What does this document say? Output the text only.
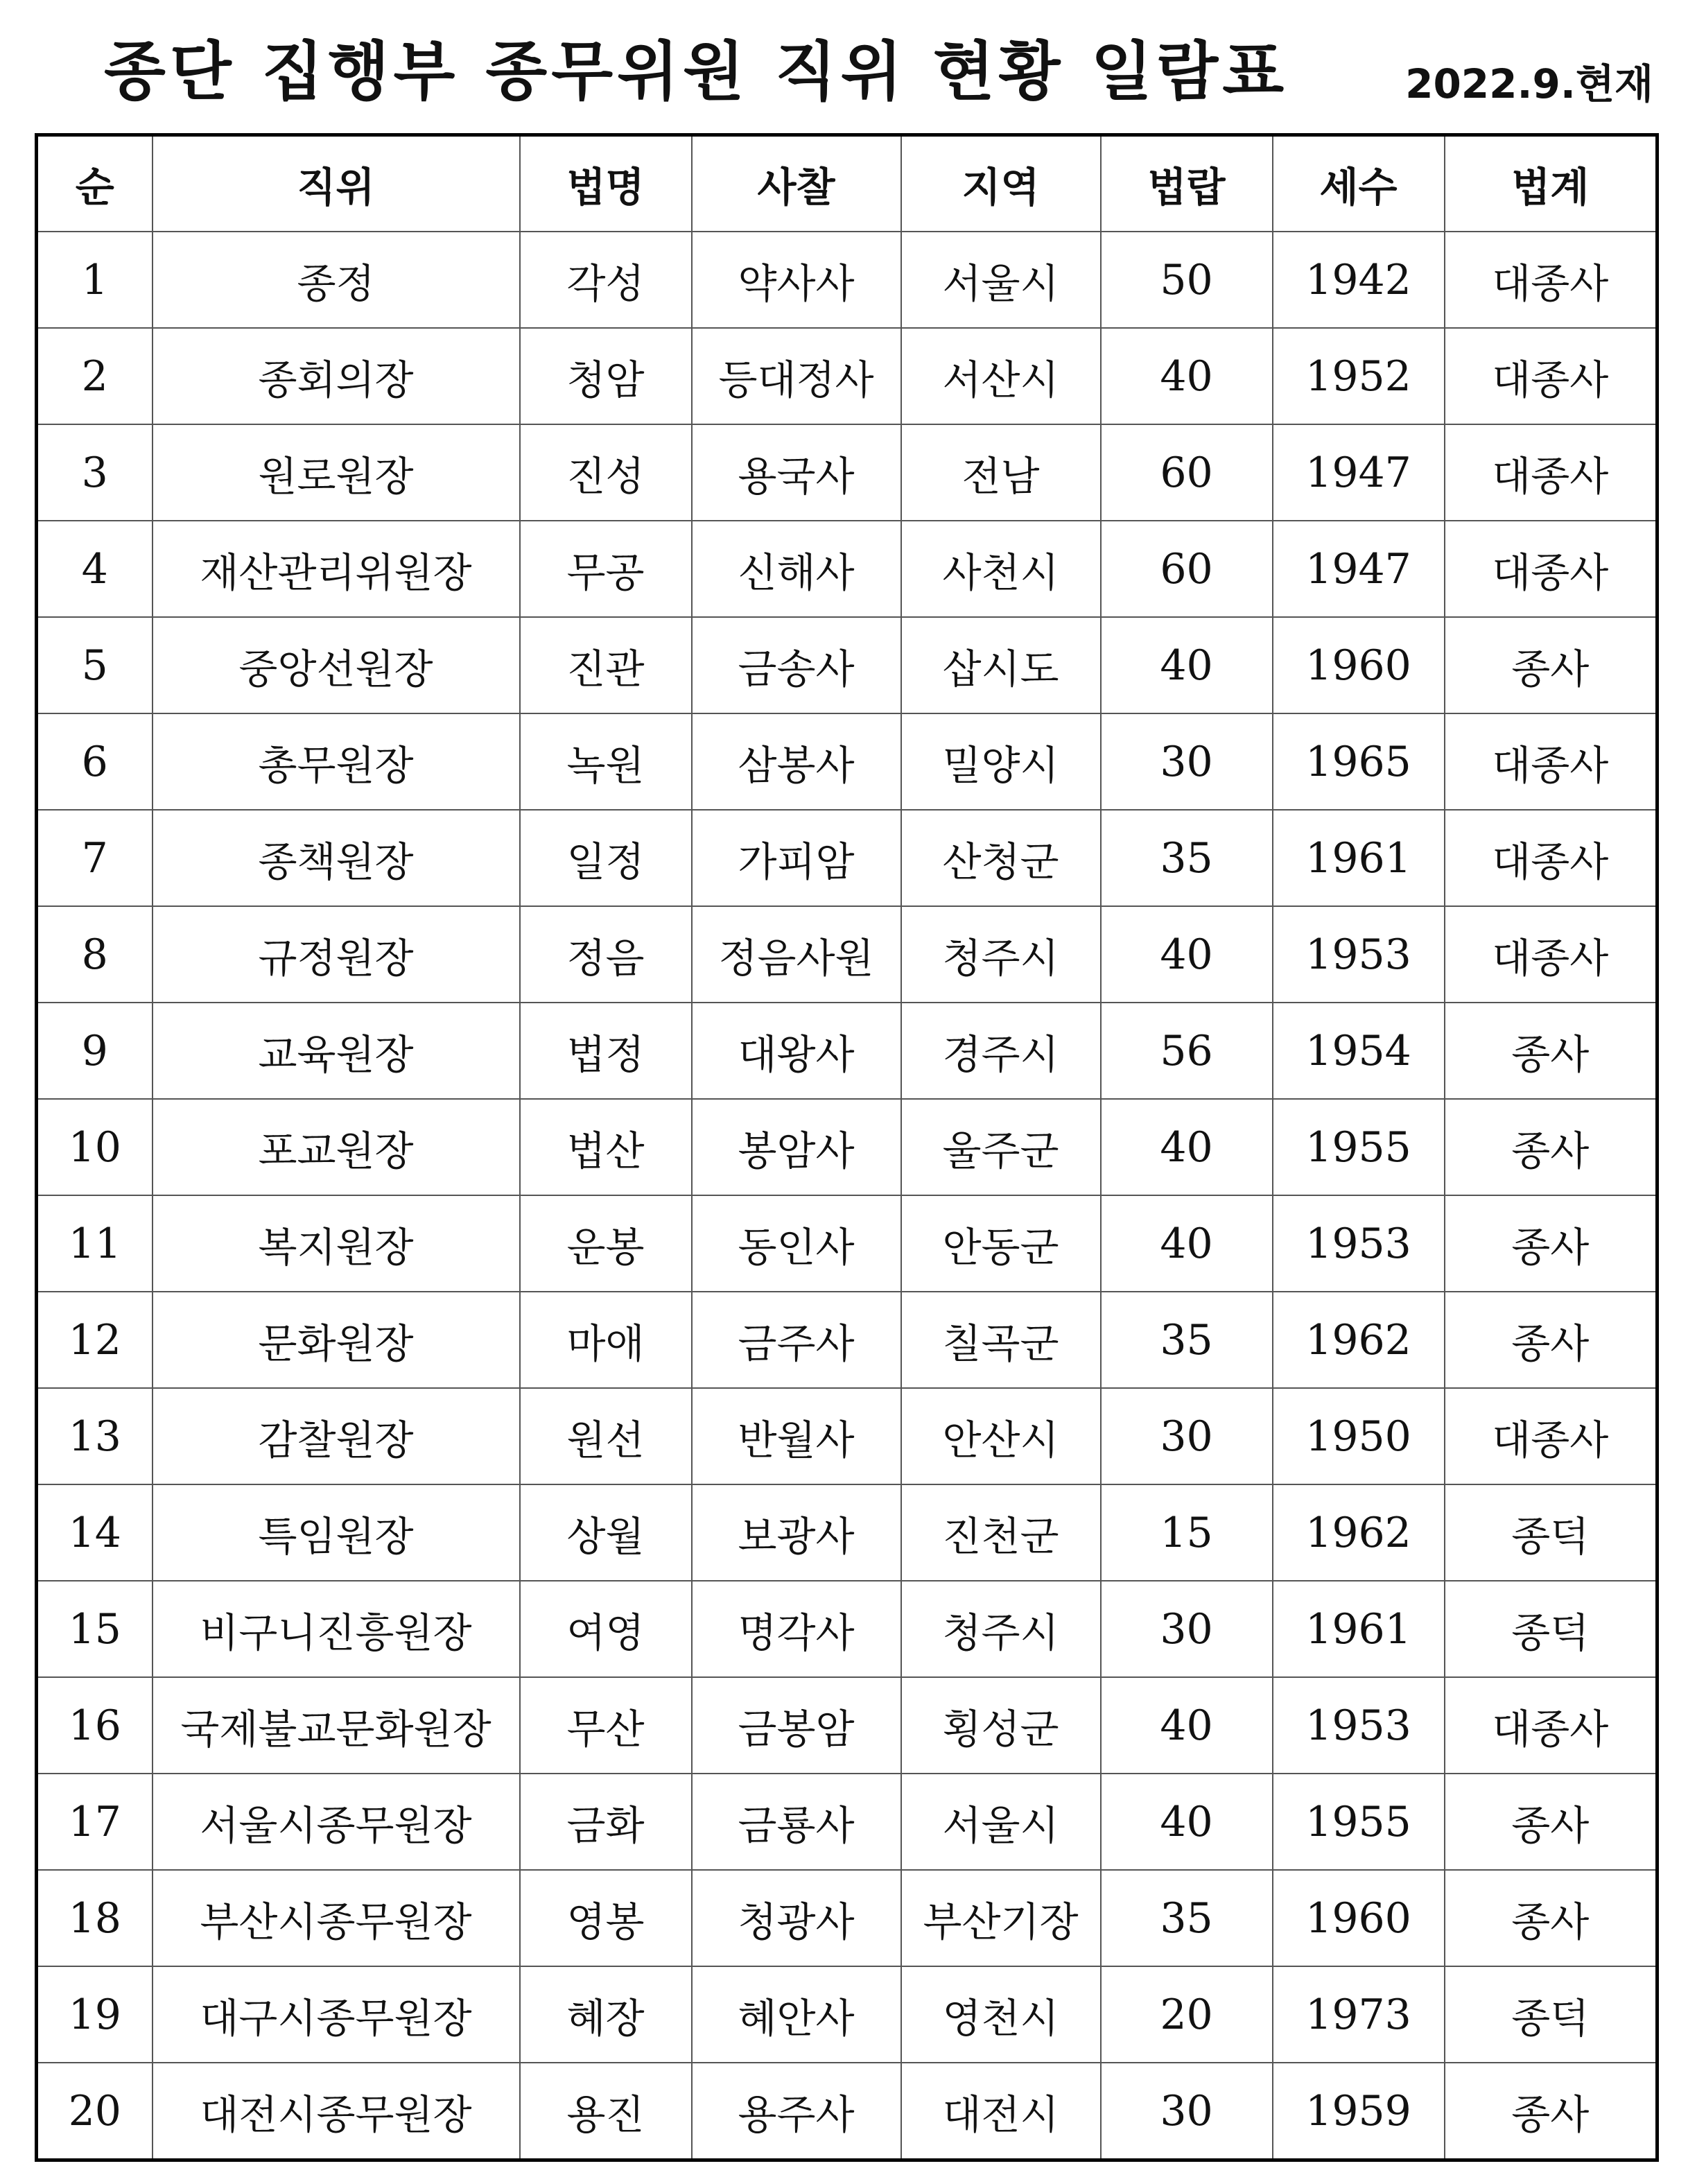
종단 집행부 종무위원 직위 현황 일람표	2022.9.현재
순	직위	법명	사찰	지역	법랍	세수	법계
1	종정	각성	약사사	서울시	50	1942	대종사
2	종회의장	청암	등대정사	서산시	40	1952	대종사
3	원로원장	진성	용국사	전남	60	1947	대종사
4	재산관리위원장	무공	신해사	사천시	60	1947	대종사
5	중앙선원장	진관	금송사	삽시도	40	1960	종사
6	총무원장	녹원	삼봉사	밀양시	30	1965	대종사
7	종책원장	일정	가피암	산청군	35	1961	대종사
8	규정원장	정음	정음사원	청주시	40	1953	대종사
9	교육원장	법정	대왕사	경주시	56	1954	종사
10	포교원장	법산	봉암사	울주군	40	1955	종사
11	복지원장	운봉	동인사	안동군	40	1953	종사
12	문화원장	마애	금주사	칠곡군	35	1962	종사
13	감찰원장	원선	반월사	안산시	30	1950	대종사
14	특임원장	상월	보광사	진천군	15	1962	종덕
15	비구니진흥원장	여영	명각사	청주시	30	1961	종덕
16	국제불교문화원장	무산	금봉암	횡성군	40	1953	대종사
17	서울시종무원장	금화	금룡사	서울시	40	1955	종사
18	부산시종무원장	영봉	청광사	부산기장	35	1960	종사
19	대구시종무원장	혜장	혜안사	영천시	20	1973	종덕
20	대전시종무원장	용진	용주사	대전시	30	1959	종사
